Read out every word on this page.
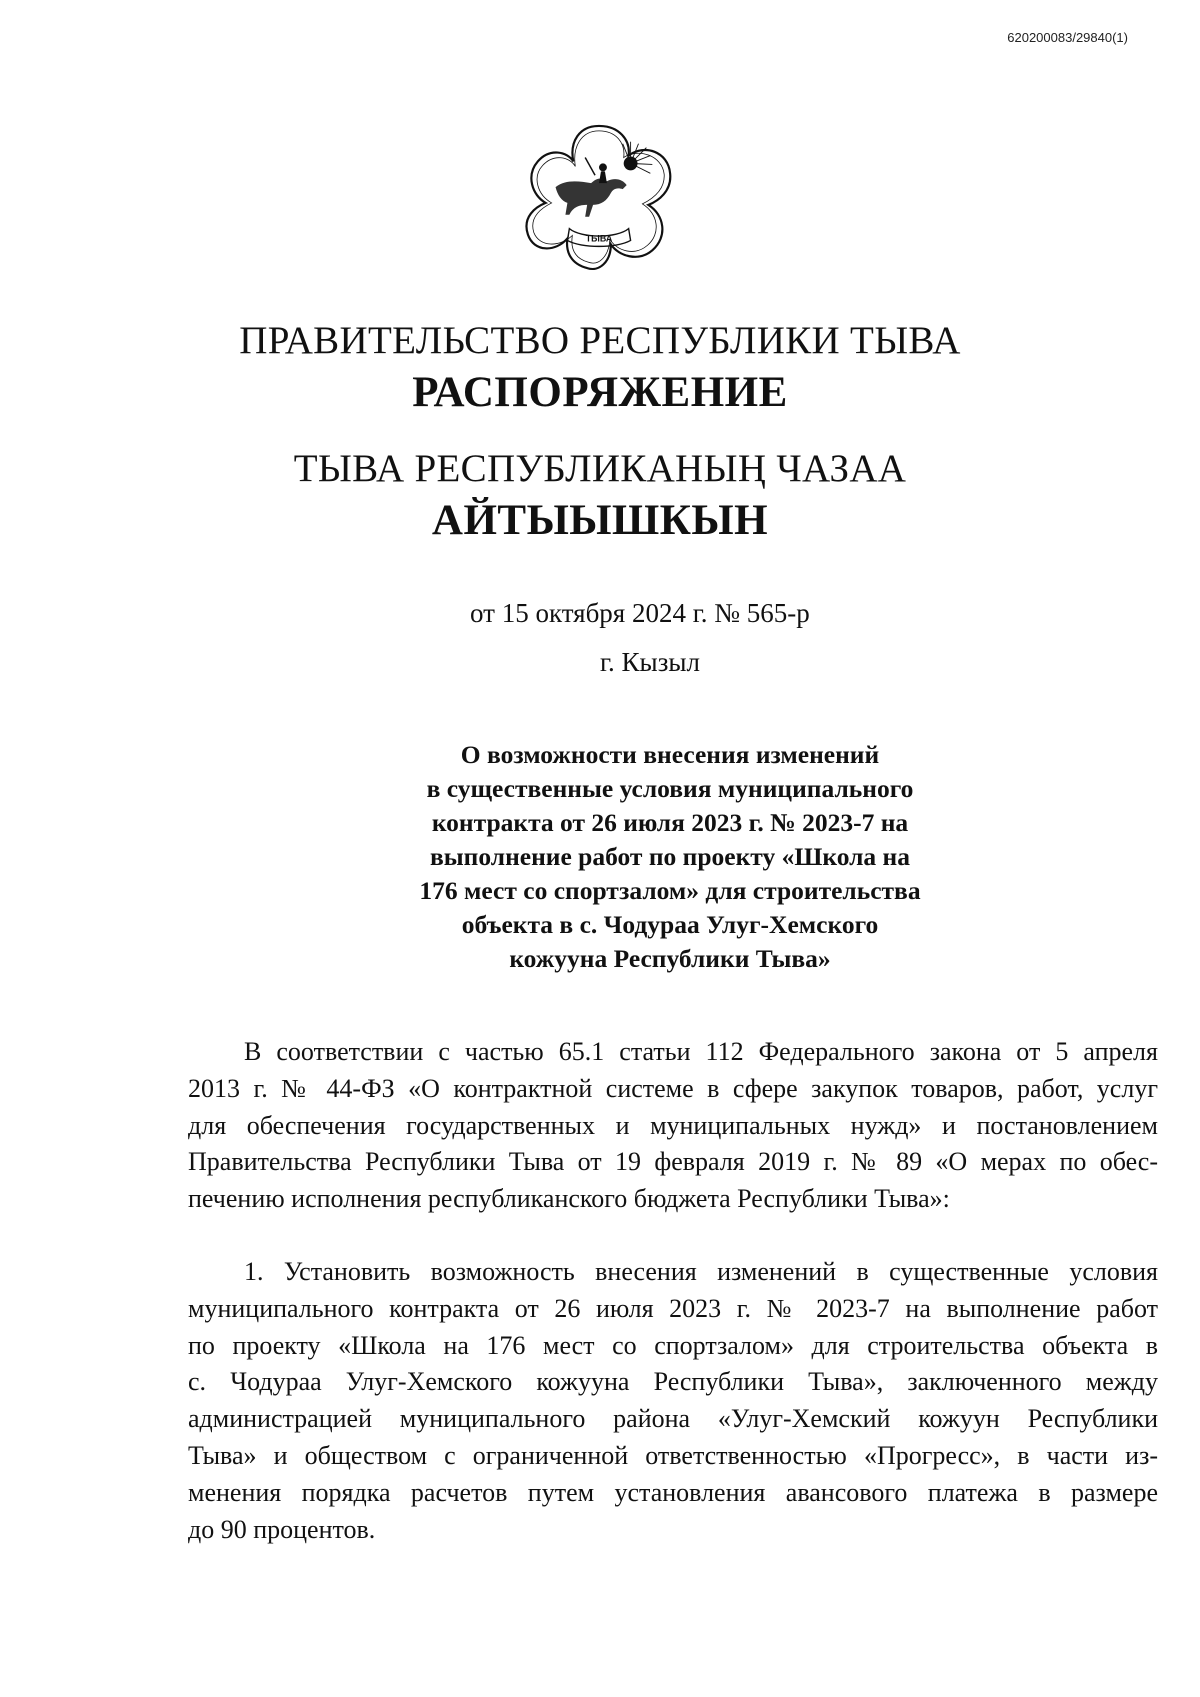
620200083/29840(1)
ТЫВА
ПРАВИТЕЛЬСТВО РЕСПУБЛИКИ ТЫВА
РАСПОРЯЖЕНИЕ
ТЫВА РЕСПУБЛИКАНЫҢ ЧАЗАА
АЙТЫЫШКЫН
от 15 октября 2024 г. № 565-р
г. Кызыл
О возможности внесения изменений
в существенные условия муниципального
контракта от 26 июля 2023 г. № 2023-7 на
выполнение работ по проекту «Школа на
176 мест со спортзалом» для строительства
объекта в с. Чодураа Улуг-Хемского
кожууна Республики Тыва»
В соответствии с частью 65.1 статьи 112 Федерального закона от 5 апреля
2013 г. № 44-ФЗ «О контрактной системе в сфере закупок товаров, работ, услуг
для обеспечения государственных и муниципальных нужд» и постановлением
Правительства Республики Тыва от 19 февраля 2019 г. № 89 «О мерах по обес-
печению исполнения республиканского бюджета Республики Тыва»:
1. Установить возможность внесения изменений в существенные условия
муниципального контракта от 26 июля 2023 г. № 2023-7 на выполнение работ
по проекту «Школа на 176 мест со спортзалом» для строительства объекта в
с. Чодураа Улуг-Хемского кожууна Республики Тыва», заключенного между
администрацией муниципального района «Улуг-Хемский кожуун Республики
Тыва» и обществом с ограниченной ответственностью «Прогресс», в части из-
менения порядка расчетов путем установления авансового платежа в размере
до 90 процентов.
